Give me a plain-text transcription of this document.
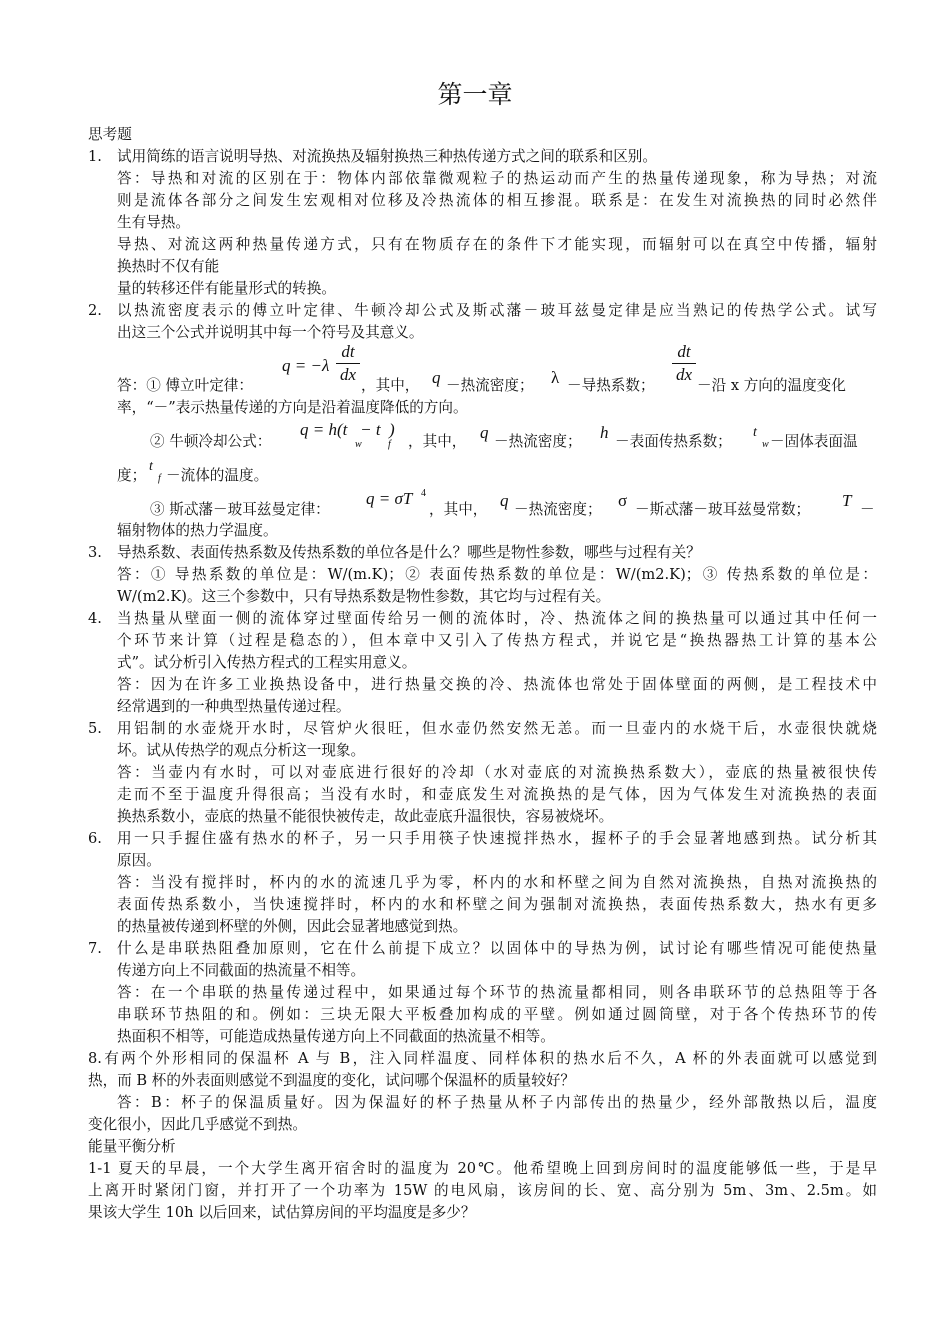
第一章
思考题
1. 试用简练的语言说明导热、对流换热及辐射换热三种热传递方式之间的联系和区别。
答：导热和对流的区别在于：物体内部依靠微观粒子的热运动而产生的热量传递现象，称为导热；对流
则是流体各部分之间发生宏观相对位移及冷热流体的相互掺混。联系是：在发生对流换热的同时必然伴
生有导热。
导热、对流这两种热量传递方式，只有在物质存在的条件下才能实现，而辐射可以在真空中传播，辐射
换热时不仅有能
量的转移还伴有能量形式的转换。
2. 以热流密度表示的傅立叶定律、牛顿冷却公式及斯忒藩－玻耳兹曼定律是应当熟记的传热学公式。试写
出这三个公式并说明其中每一个符号及其意义。
答：① 傅立叶定律：
q = −λ
dt
dx
，其中， q －热流密度； λ －导热系数；
dt
dx
－沿 x 方向的温度变化
率，“－”表示热量传递的方向是沿着温度降低的方向。
② 牛顿冷却公式：
q = h(t   − t  )
w	f ，其中， q －热流密度； h －表面传热系数；
t
w －固体表面温
度；
t
f －流体的温度。
③ 斯忒藩－玻耳兹曼定律：
q = σT 4
，其中， q －热流密度； σ －斯忒藩－玻耳兹曼常数； T －
辐射物体的热力学温度。
3. 导热系数、表面传热系数及传热系数的单位各是什么？哪些是物性参数，哪些与过程有关？
答：① 导热系数的单位是：W/(m.K)；② 表面传热系数的单位是：W/(m2.K)；③ 传热系数的单位是：
W/(m2.K)。这三个参数中，只有导热系数是物性参数，其它均与过程有关。
4. 当热量从壁面一侧的流体穿过壁面传给另一侧的流体时，冷、热流体之间的换热量可以通过其中任何一
个环节来计算（过程是稳态的），但本章中又引入了传热方程式，并说它是“换热器热工计算的基本公
式”。试分析引入传热方程式的工程实用意义。
答：因为在许多工业换热设备中，进行热量交换的冷、热流体也常处于固体壁面的两侧，是工程技术中
经常遇到的一种典型热量传递过程。
5. 用铝制的水壶烧开水时，尽管炉火很旺，但水壶仍然安然无恙。而一旦壶内的水烧干后，水壶很快就烧
坏。试从传热学的观点分析这一现象。
答：当壶内有水时，可以对壶底进行很好的冷却（水对壶底的对流换热系数大），壶底的热量被很快传
走而不至于温度升得很高；当没有水时，和壶底发生对流换热的是气体，因为气体发生对流换热的表面
换热系数小，壶底的热量不能很快被传走，故此壶底升温很快，容易被烧坏。
6. 用一只手握住盛有热水的杯子，另一只手用筷子快速搅拌热水，握杯子的手会显著地感到热。试分析其
原因。
答：当没有搅拌时，杯内的水的流速几乎为零，杯内的水和杯壁之间为自然对流换热，自热对流换热的
表面传热系数小，当快速搅拌时，杯内的水和杯壁之间为强制对流换热，表面传热系数大，热水有更多
的热量被传递到杯壁的外侧，因此会显著地感觉到热。
7. 什么是串联热阻叠加原则，它在什么前提下成立？以固体中的导热为例，试讨论有哪些情况可能使热量
传递方向上不同截面的热流量不相等。
答：在一个串联的热量传递过程中，如果通过每个环节的热流量都相同，则各串联环节的总热阻等于各
串联环节热阻的和。例如：三块无限大平板叠加构成的平壁。例如通过圆筒壁，对于各个传热环节的传
热面积不相等，可能造成热量传递方向上不同截面的热流量不相等。
8.有两个外形相同的保温杯 A 与 B，注入同样温度、同样体积的热水后不久，A 杯的外表面就可以感觉到
热，而 B 杯的外表面则感觉不到温度的变化，试问哪个保温杯的质量较好？
答：B：杯子的保温质量好。因为保温好的杯子热量从杯子内部传出的热量少，经外部散热以后，温度
变化很小，因此几乎感觉不到热。
能量平衡分析
1-1 夏天的早晨，一个大学生离开宿舍时的温度为 20℃。他希望晚上回到房间时的温度能够低一些，于是早
上离开时紧闭门窗，并打开了一个功率为 15W 的电风扇，该房间的长、宽、高分别为 5m、3m、2.5m。如
果该大学生 10h 以后回来，试估算房间的平均温度是多少？
